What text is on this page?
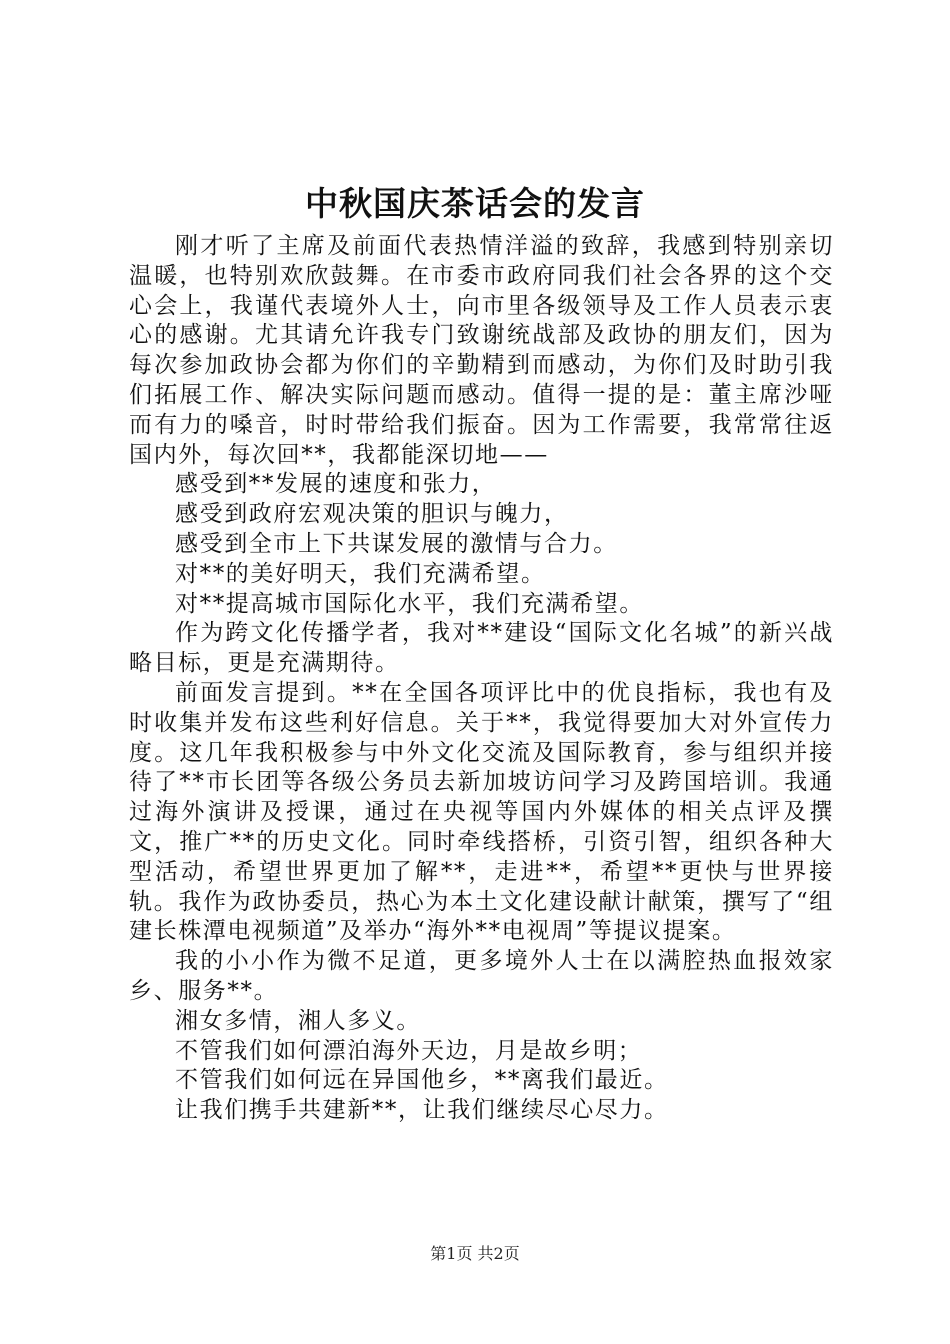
中秋国庆茶话会的发言

刚才听了主席及前面代表热情洋溢的致辞，我感到特别亲切温暖，也特别欢欣鼓舞。在市委市政府同我们社会各界的这个交心会上，我谨代表境外人士，向市里各级领导及工作人员表示衷心的感谢。尤其请允许我专门致谢统战部及政协的朋友们，因为每次参加政协会都为你们的辛勤精到而感动，为你们及时助引我们拓展工作、解决实际问题而感动。值得一提的是：董主席沙哑而有力的嗓音，时时带给我们振奋。因为工作需要，我常常往返国内外，每次回**，我都能深切地——

感受到**发展的速度和张力，

感受到政府宏观决策的胆识与魄力，

感受到全市上下共谋发展的激情与合力。

对**的美好明天，我们充满希望。

对**提高城市国际化水平，我们充满希望。

作为跨文化传播学者，我对**建设“国际文化名城”的新兴战略目标，更是充满期待。

前面发言提到。**在全国各项评比中的优良指标，我也有及时收集并发布这些利好信息。关于**，我觉得要加大对外宣传力度。这几年我积极参与中外文化交流及国际教育，参与组织并接待了**市长团等各级公务员去新加坡访问学习及跨国培训。我通过海外演讲及授课，通过在央视等国内外媒体的相关点评及撰文，推广**的历史文化。同时牵线搭桥，引资引智，组织各种大型活动，希望世界更加了解**，走进**，希望**更快与世界接轨。我作为政协委员，热心为本土文化建设献计献策，撰写了“组建长株潭电视频道”及举办“海外**电视周”等提议提案。

我的小小作为微不足道，更多境外人士在以满腔热血报效家乡、服务**。

湘女多情，湘人多义。

不管我们如何漂泊海外天边，月是故乡明；

不管我们如何远在异国他乡，**离我们最近。

让我们携手共建新**，让我们继续尽心尽力。

第1页 共2页
